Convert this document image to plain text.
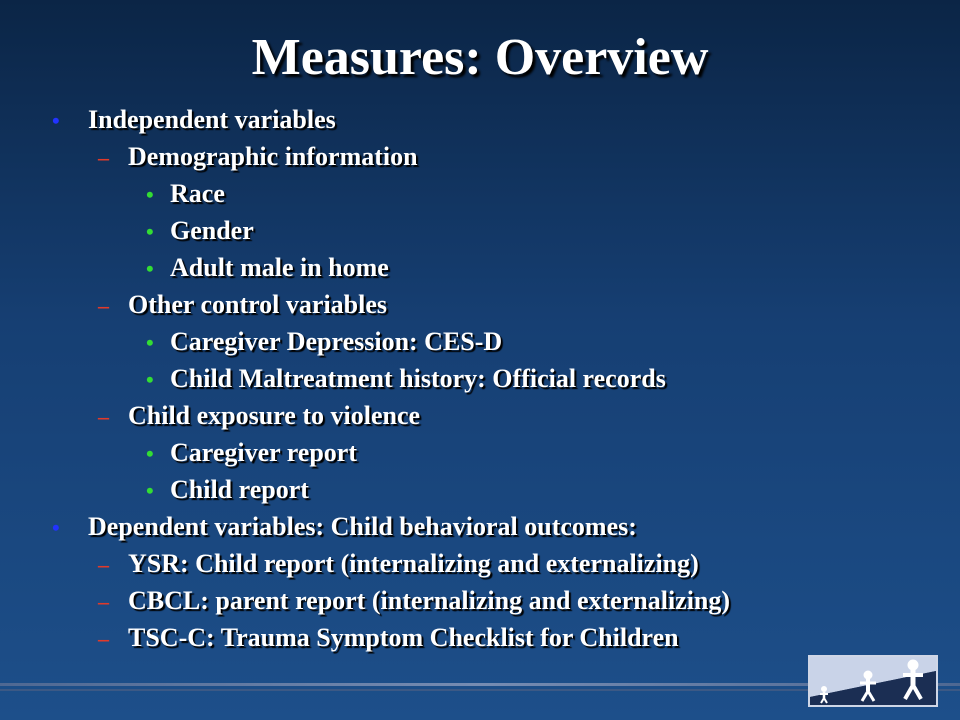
Measures: Overview
• Independent variables
– Demographic information
• Race
• Gender
• Adult male in home
– Other control variables
• Caregiver Depression: CES-D
• Child Maltreatment history: Official records
– Child exposure to violence
• Caregiver report
• Child report
• Dependent variables: Child behavioral outcomes:
– YSR: Child report (internalizing and externalizing)
– CBCL: parent report (internalizing and externalizing)
– TSC-C: Trauma Symptom Checklist for Children
